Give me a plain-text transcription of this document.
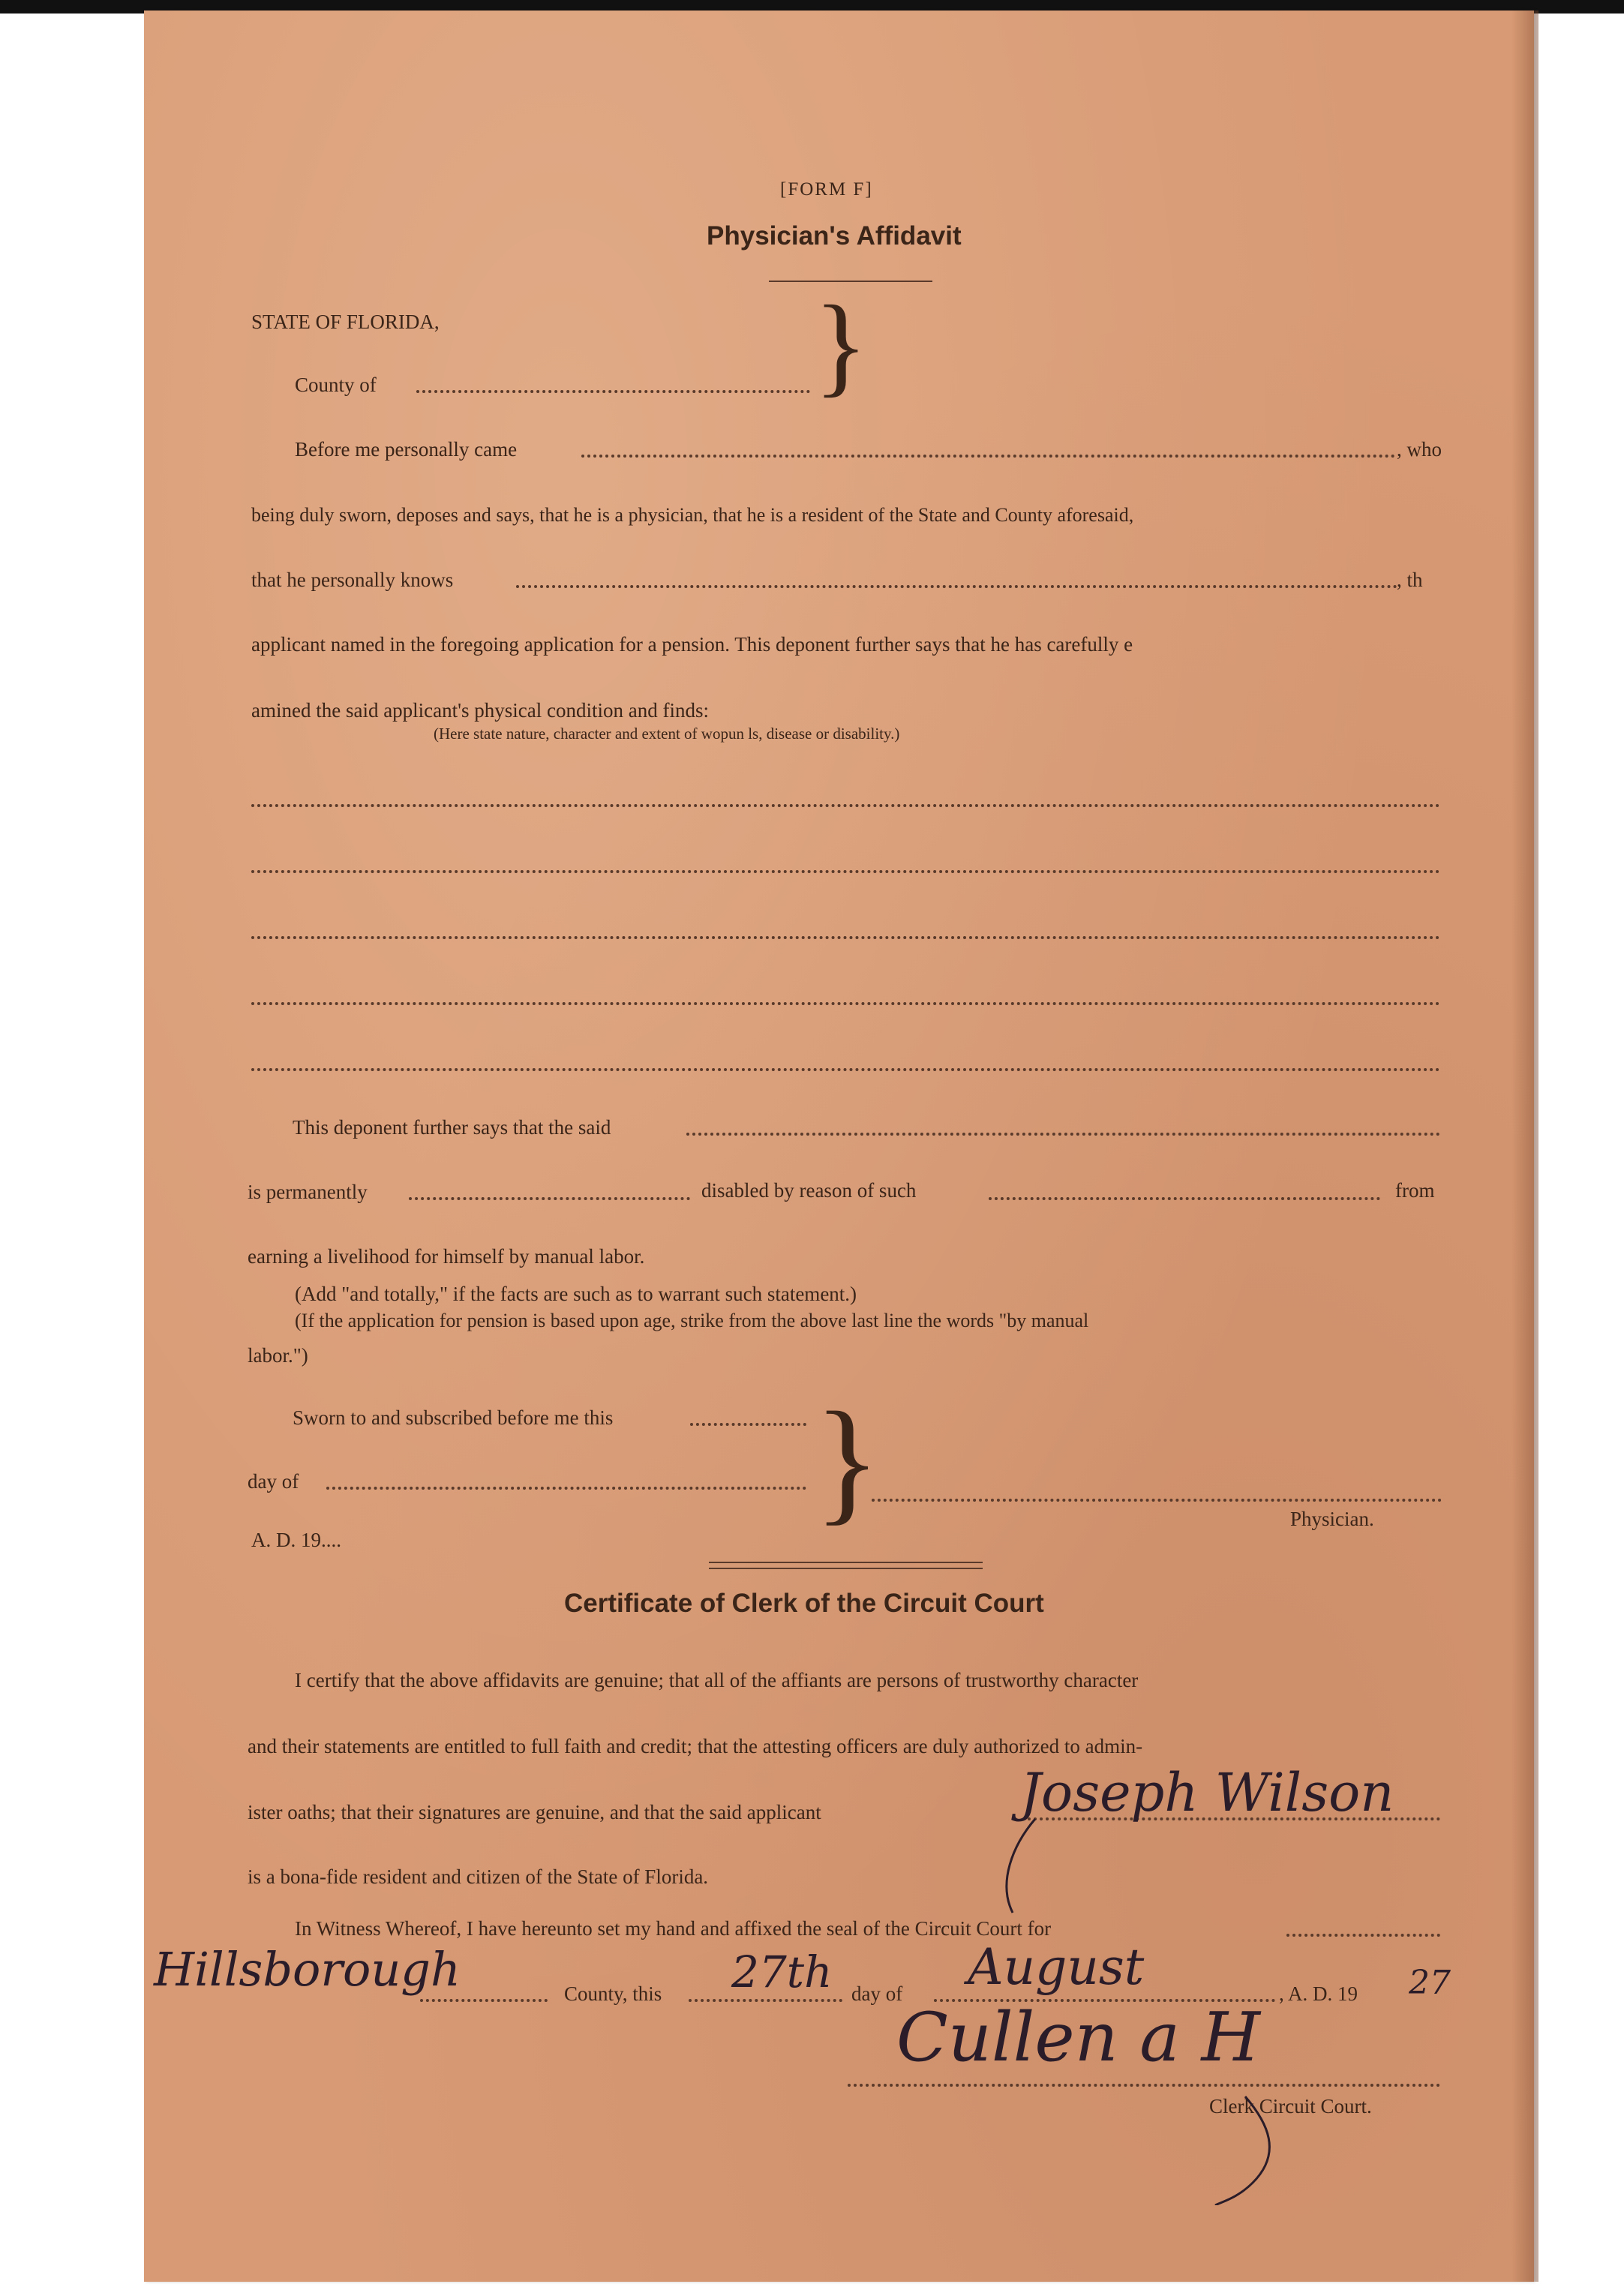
[FORM F]
Physician's Affidavit
STATE OF FLORIDA,
County of	}
Before me personally came	, who
being duly sworn, deposes and says, that he is a physician, that he is a resident of the State and County aforesaid,
that he personally knows	, th
applicant named in the foregoing application for a pension. This deponent further says that he has carefully e
amined the said applicant's physical condition and finds:
(Here state nature, character and extent of wopun ls, disease or disability.)
This deponent further says that the said
is permanently	disabled by reason of such	from
earning a livelihood for himself by manual labor.
(Add "and totally," if the facts are such as to warrant such statement.)
(If the application for pension is based upon age, strike from the above last line the words "by manual
labor.")
Sworn to and subscribed before me this
day of
A. D. 19....
}	Physician.
Certificate of Clerk of the Circuit Court
I certify that the above affidavits are genuine; that all of the affiants are persons of trustworthy character
and their statements are entitled to full faith and credit; that the attesting officers are duly authorized to admin-
ister oaths; that their signatures are genuine, and that the said applicant	Joseph Wilson
is a bona-fide resident and citizen of the State of Florida.
In Witness Whereof, I have hereunto set my hand and affixed the seal of the Circuit Court for
Hillsborough	County, this 27th day of August	, A. D. 19 27
Cullen a H
Clerk Circuit Court.
